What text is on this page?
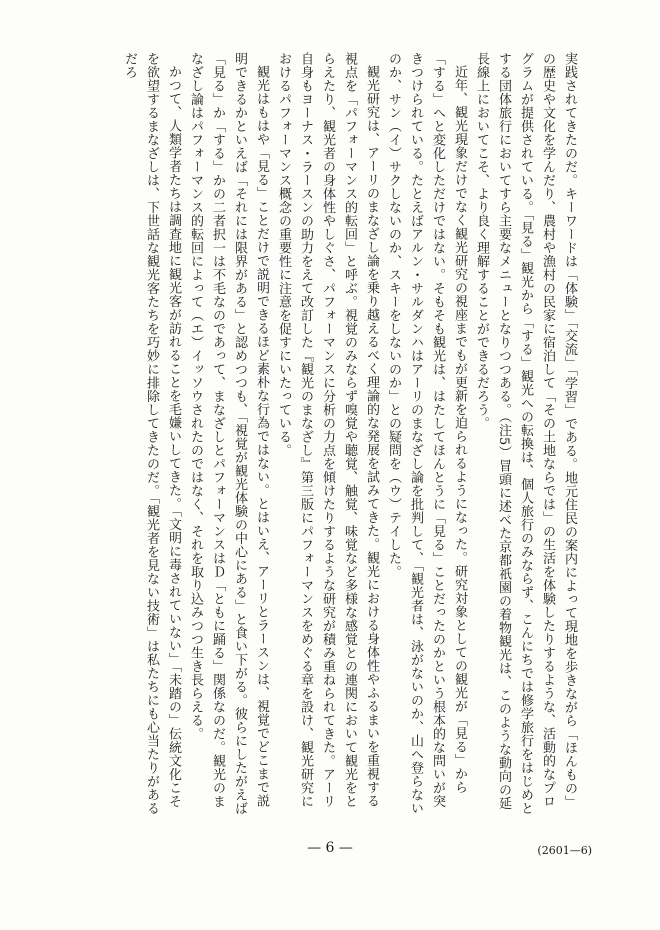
実践されてきたのだ。キーワードは「体験」「交流」「学習」である。地元住民の案内によって現地を歩きながら「ほんもの」の歴史や文化を学んだり、農村や漁村の民家に宿泊して「その土地ならでは」の生活を体験したりするような、活動的なプログラムが提供されている。「見る」観光から「する」観光への転換は、個人旅行のみならず、こんにちでは修学旅行をはじめとする団体旅行においてすら主要なメニューとなりつつある。（注5）冒頭に述べた京都祇園の着物観光は、このような動向の延長線上においてこそ、より良く理解することができるだろう。

近年、観光現象だけでなく観光研究の視座までもが更新を迫られるようになった。研究対象としての観光が「見る」から「する」へと変化しただけではない。そもそも観光は、はたしてほんとうに「見る」ことだったのかという根本的な問いが突きつけられている。たとえばアルン・サルダンハはアーリのまなざし論を批判して、「観光者は、泳がないのか、山へ登らないのか、サン（イ）サクしないのか、スキーをしないのか」との疑問を（ウ）テイした。

観光研究は、アーリのまなざし論を乗り越えるべく理論的な発展を試みてきた。観光における身体性やふるまいを重視する視点を「パフォーマンス的転回」と呼ぶ。視覚のみならず嗅覚や聴覚、触覚、味覚など多様な感覚との連関において観光をとらえたり、観光者の身体性やしぐさ、パフォーマンスに分析の力点を傾けたりするような研究が積み重ねられてきた。アーリ自身もヨーナス・ラースンの助力をえて改訂した『観光のまなざし』第三版にパフォーマンスをめぐる章を設け、観光研究におけるパフォーマンス概念の重要性に注意を促すにいたっている。

観光はもはや「見る」ことだけで説明できるほど素朴な行為ではない。とはいえ、アーリとラースンは、視覚でどこまで説明できるかといえば「それには限界がある」と認めつつも、「視覚が観光体験の中心にある」と食い下がる。彼らにしたがえば「見る」か「する」かの二者択一は不毛なのであって、まなざしとパフォーマンスはＤ「ともに踊る」関係なのだ。観光のまなざし論はパフォーマンス的転回によって（エ）イッソウされたのではなく、それを取り込みつつ生き長らえる。

かつて、人類学者たちは調査地に観光客が訪れることを毛嫌いしてきた。「文明に毒されていない」「未踏の」伝統文化こそを欲望するまなざしは、下世話な観光客たちを巧妙に排除してきたのだ。「観光者を見ない技術」は私たちにも心当たりがあるだろ

— 6 —	(2601—6)
